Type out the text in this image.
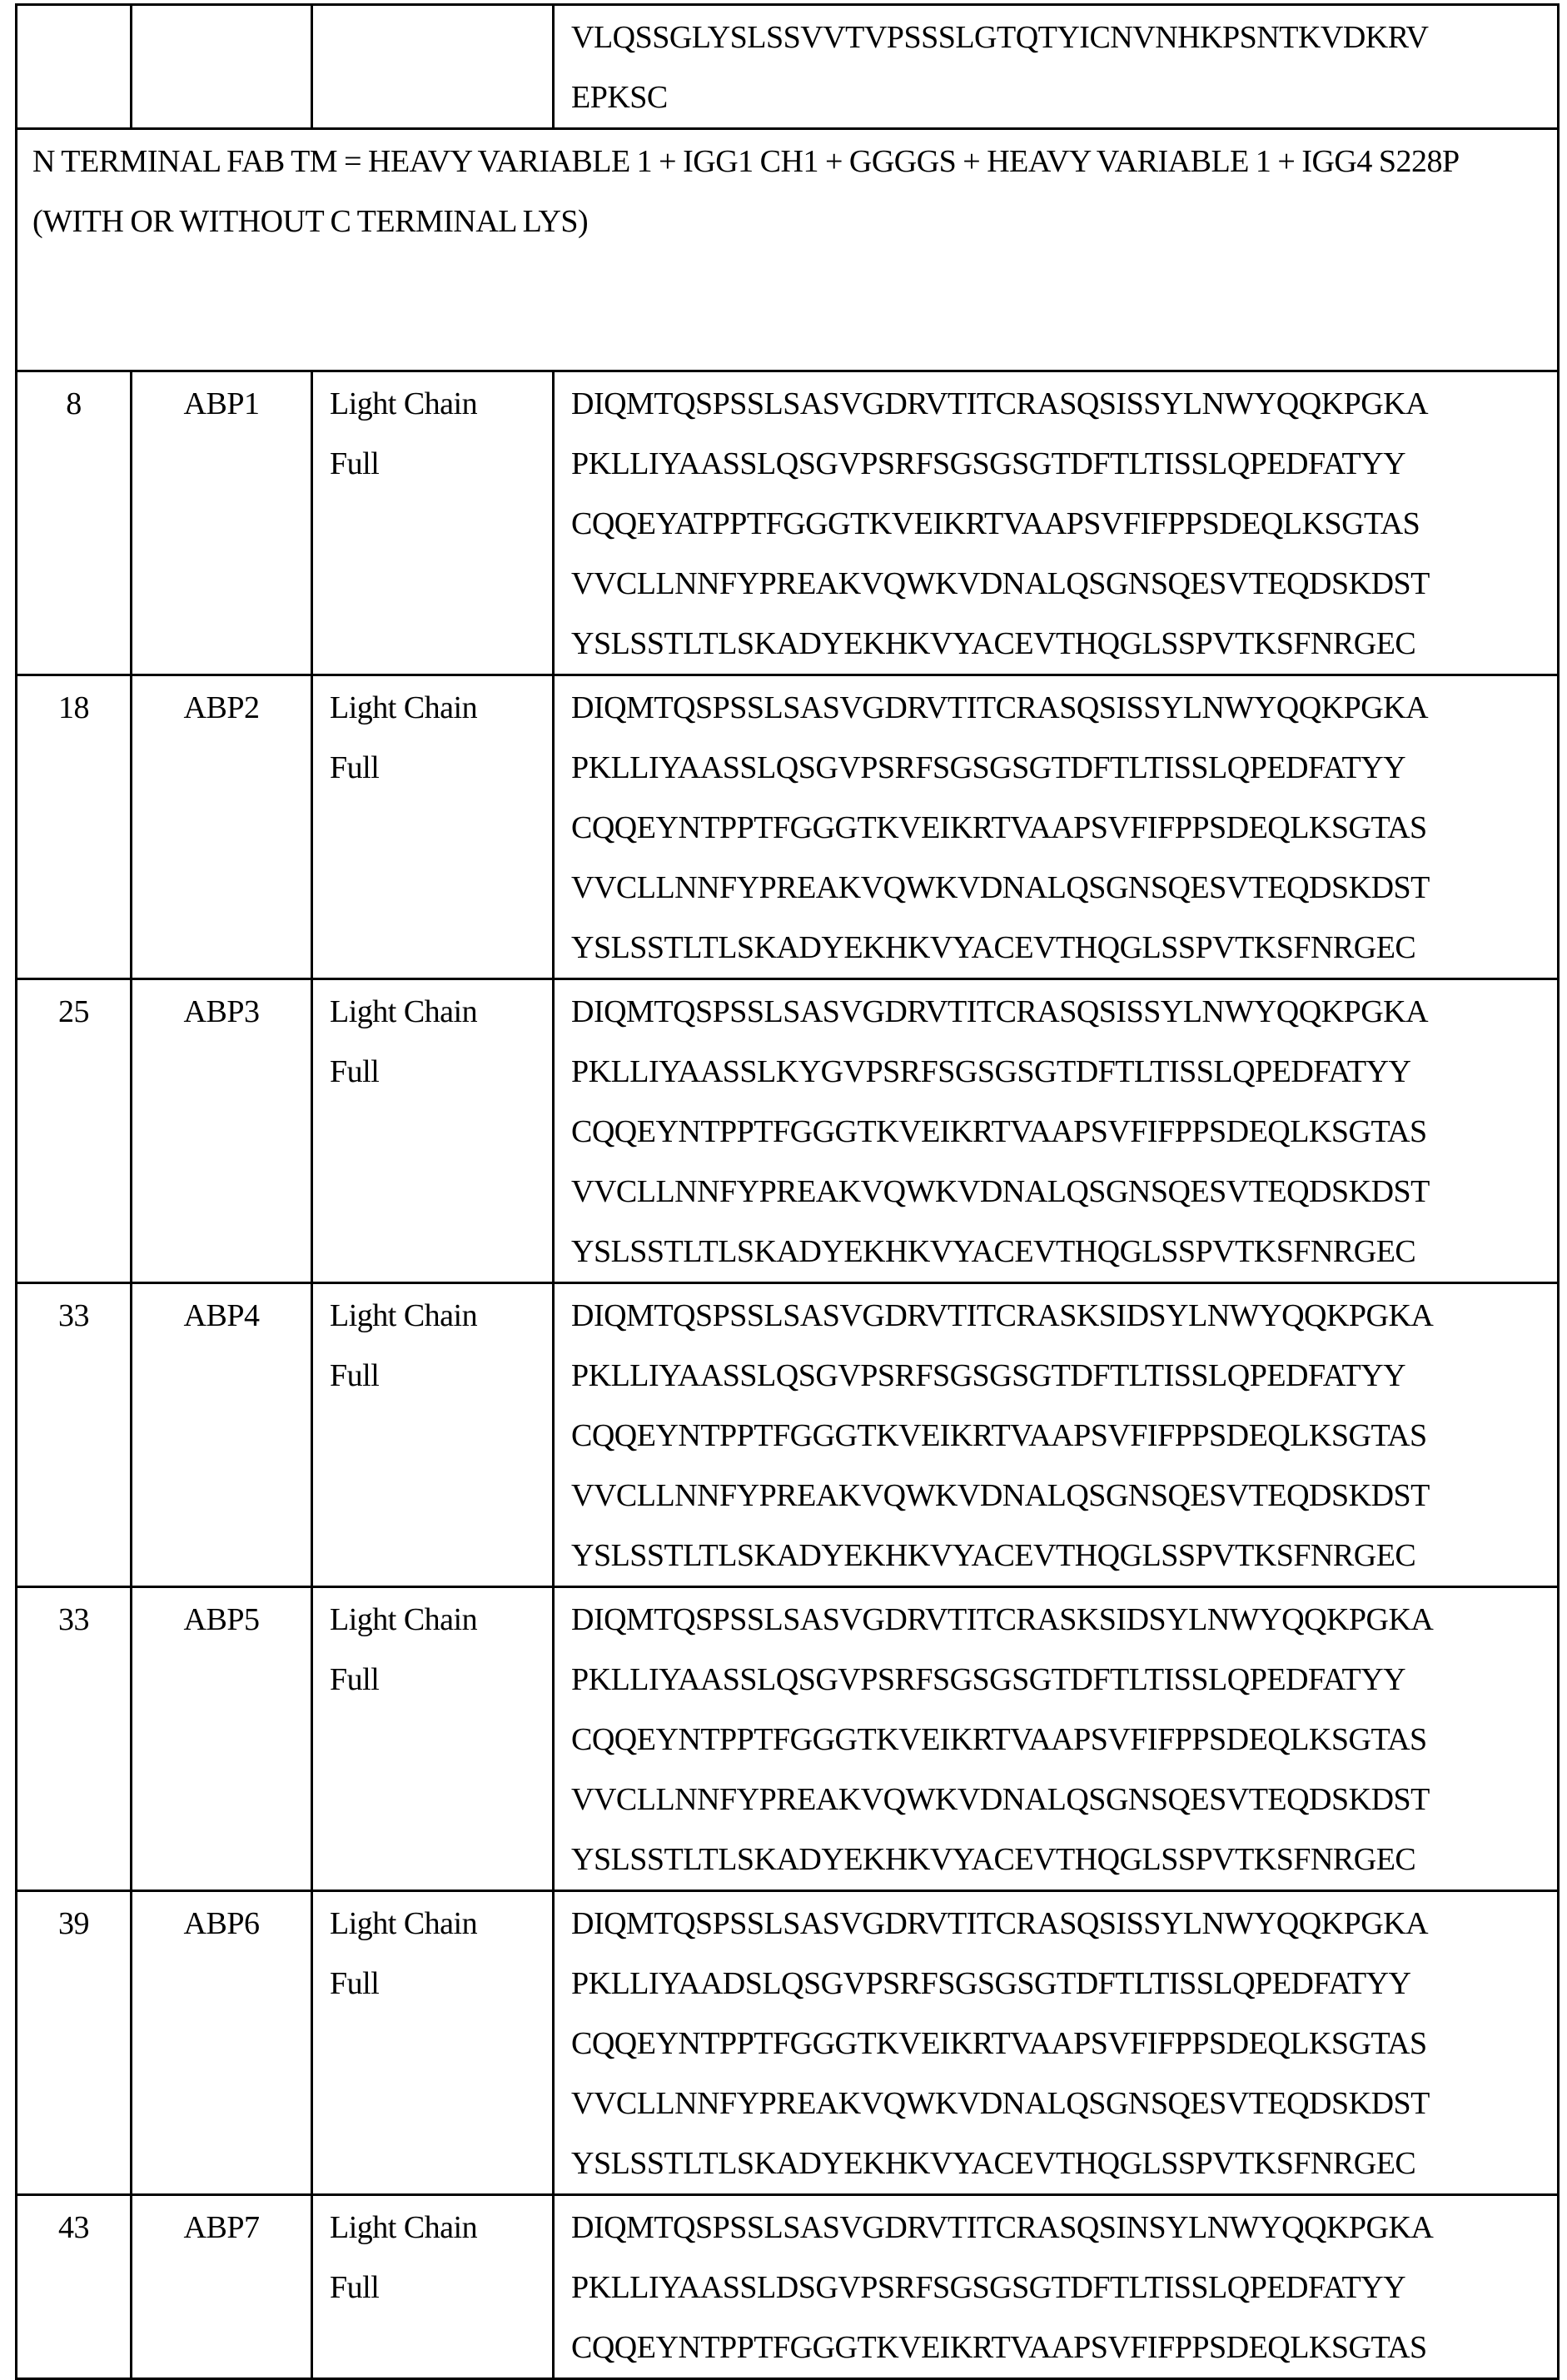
			VLQSSGLYSLSSVVTVPSSSLGTQTYICNVNHKPSNTKVDKRV
EPKSC

N TERMINAL FAB TM = HEAVY VARIABLE 1 + IGG1 CH1 + GGGGS + HEAVY VARIABLE 1 + IGG4 S228P (WITH OR WITHOUT C TERMINAL LYS)			

8	ABP1	Light Chain
Full	DIQMTQSPSSLSASVGDRVTITCRASQSISSYLNWYQQKPGKA
PKLLIYAASSLQSGVPSRFSGSGSGTDFTLTISSLQPEDFATYY
CQQEYATPPTFGGGTKVEIKRTVAAPSVFIFPPSDEQLKSGTAS
VVCLLNNFYPREAKVQWKVDNALQSGNSQESVTEQDSKDST
YSLSSTLTLSKADYEKHKVYACEVTHQGLSSPVTKSFNRGEC

18	ABP2	Light Chain
Full	DIQMTQSPSSLSASVGDRVTITCRASQSISSYLNWYQQKPGKA
PKLLIYAASSLQSGVPSRFSGSGSGTDFTLTISSLQPEDFATYY
CQQEYNTPPTFGGGTKVEIKRTVAAPSVFIFPPSDEQLKSGTAS
VVCLLNNFYPREAKVQWKVDNALQSGNSQESVTEQDSKDST
YSLSSTLTLSKADYEKHKVYACEVTHQGLSSPVTKSFNRGEC

25	ABP3	Light Chain
Full	DIQMTQSPSSLSASVGDRVTITCRASQSISSYLNWYQQKPGKA
PKLLIYAASSLKYGVPSRFSGSGSGTDFTLTISSLQPEDFATYY
CQQEYNTPPTFGGGTKVEIKRTVAAPSVFIFPPSDEQLKSGTAS
VVCLLNNFYPREAKVQWKVDNALQSGNSQESVTEQDSKDST
YSLSSTLTLSKADYEKHKVYACEVTHQGLSSPVTKSFNRGEC

33	ABP4	Light Chain
Full	DIQMTQSPSSLSASVGDRVTITCRASKSIDSYLNWYQQKPGKA
PKLLIYAASSLQSGVPSRFSGSGSGTDFTLTISSLQPEDFATYY
CQQEYNTPPTFGGGTKVEIKRTVAAPSVFIFPPSDEQLKSGTAS
VVCLLNNFYPREAKVQWKVDNALQSGNSQESVTEQDSKDST
YSLSSTLTLSKADYEKHKVYACEVTHQGLSSPVTKSFNRGEC

33	ABP5	Light Chain
Full	DIQMTQSPSSLSASVGDRVTITCRASKSIDSYLNWYQQKPGKA
PKLLIYAASSLQSGVPSRFSGSGSGTDFTLTISSLQPEDFATYY
CQQEYNTPPTFGGGTKVEIKRTVAAPSVFIFPPSDEQLKSGTAS
VVCLLNNFYPREAKVQWKVDNALQSGNSQESVTEQDSKDST
YSLSSTLTLSKADYEKHKVYACEVTHQGLSSPVTKSFNRGEC

39	ABP6	Light Chain
Full	DIQMTQSPSSLSASVGDRVTITCRASQSISSYLNWYQQKPGKA
PKLLIYAADSLQSGVPSRFSGSGSGTDFTLTISSLQPEDFATYY
CQQEYNTPPTFGGGTKVEIKRTVAAPSVFIFPPSDEQLKSGTAS
VVCLLNNFYPREAKVQWKVDNALQSGNSQESVTEQDSKDST
YSLSSTLTLSKADYEKHKVYACEVTHQGLSSPVTKSFNRGEC

43	ABP7	Light Chain
Full	DIQMTQSPSSLSASVGDRVTITCRASQSINSYLNWYQQKPGKA
PKLLIYAASSLDSGVPSRFSGSGSGTDFTLTISSLQPEDFATYY
CQQEYNTPPTFGGGTKVEIKRTVAAPSVFIFPPSDEQLKSGTAS
